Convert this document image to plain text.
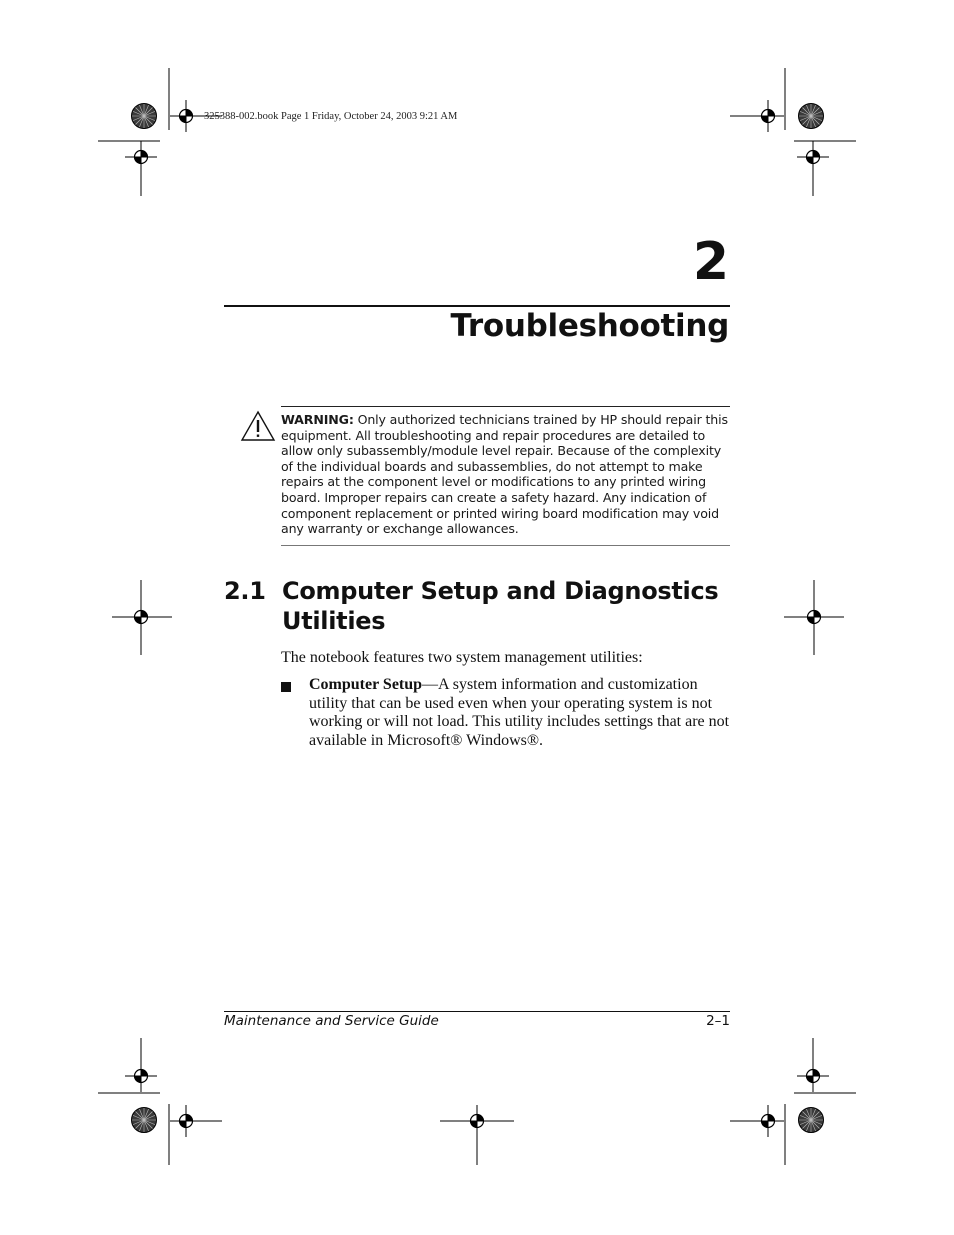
325388-002.book Page 1 Friday, October 24, 2003 9:21 AM
2
Troubleshooting
WARNING: Only authorized technicians trained by HP should repair this equipment. All troubleshooting and repair procedures are detailed to allow only subassembly/module level repair. Because of the complexity of the individual boards and subassemblies, do not attempt to make repairs at the component level or modifications to any printed wiring board. Improper repairs can create a safety hazard. Any indication of component replacement or printed wiring board modification may void any warranty or exchange allowances.
2.1 Computer Setup and Diagnostics
Utilities

The notebook features two system management utilities:

Computer Setup—A system information and customization utility that can be used even when your operating system is not working or will not load. This utility includes settings that are not available in Microsoft® Windows®.

Maintenance and Service Guide	2–1
